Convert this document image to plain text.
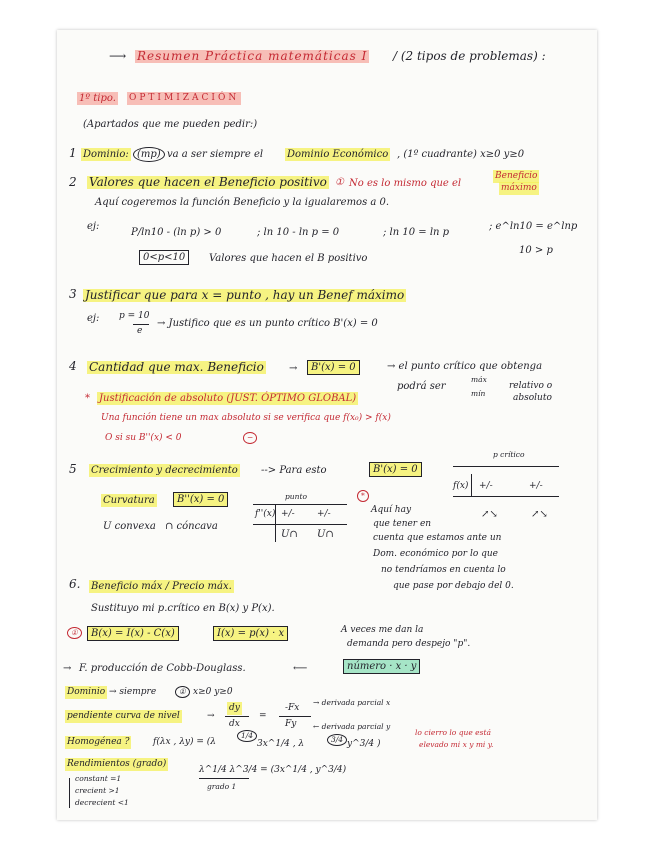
⟶ Resumen Práctica matemáticas I / (2 tipos de problemas) :
1º tipo. OPTIMIZACIÓN
(Apartados que me pueden pedir:)
1 Dominio: (mp) va a ser siempre el Dominio Económico , (1º cuadrante) x≥0 y≥0
2 Valores que hacen el Beneficio positivo ① No es lo mismo que el
Beneficio
máximo
Aquí cogeremos la función Beneficio y la igualaremos a 0.
ej:
P/ln10 - (ln p) > 0	; ln 10 - ln p = 0	; ln 10 = ln p
; e^ln10 = e^lnp
10 > p
0<p<10	Valores que hacen el B positivo
3 Justificar que para x = punto , hay un Benef máximo
ej: p = 10
e
→ Justifico que es un punto crítico B'(x) = 0
4 Cantidad que max. Beneficio	→	B'(x) = 0	→ el punto crítico que obtenga
podrá ser
máx
mín
relativo o
absoluto
* Justificación de absoluto (JUST. ÓPTIMO GLOBAL)
Una función tiene un max absoluto si se verifica que f(x₀) > f(x)
O si su B''(x) < 0	−
5 Crecimiento y decrecimiento --> Para esto	B'(x) = 0
p crítico
f(x) +/-	+/-
↗↘	↗↘
Curvatura	B''(x) = 0
U convexa ∩ cóncava
punto
f''(x) +/- +/-
U∩ U∩
*
Aquí hay
que tener en
cuenta que estamos ante un
Dom. económico por lo que
no tendríamos en cuenta lo
que pase por debajo del 0.
6. Beneficio máx / Precio máx.
Sustituyo mi p.crítico en B(x) y P(x).
①	B(x) = I(x) - C(x)	I(x) = p(x) · x	A veces me dan la
demanda pero despejo "p".
→ F. producción de Cobb-Douglass.	⟵	número · x · y
Dominio → siempre	① x≥0 y≥0
pendiente curva de nivel	→
dy
dx
=
-Fx
Fy
→ derivada parcial x
← derivada parcial y
Homogénea ?	f(λx , λy) = (λ
1/4
3x^1/4 , λ	3/4 y^3/4 )
lo cierro lo que está
elevado mi x y mi y.
Rendimientos (grado)
λ^1/4 λ^3/4 = (3x^1/4 , y^3/4)
grado 1
constant =1
crecient >1
decrecient <1
